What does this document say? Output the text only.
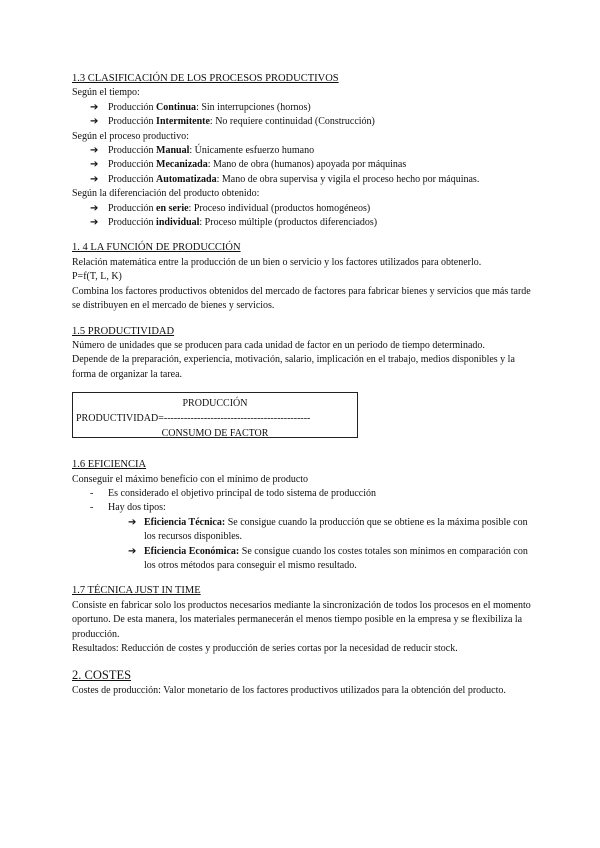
1.3 CLASIFICACIÓN DE LOS PROCESOS PRODUCTIVOS

Según el tiempo:

➔ Producción Continua: Sin interrupciones (hornos)

➔ Producción Intermitente: No requiere continuidad (Construcción)

Según el proceso productivo:

➔ Producción Manual: Únicamente esfuerzo humano

➔ Producción Mecanizada: Mano de obra (humanos) apoyada por máquinas

➔ Producción Automatizada: Mano de obra supervisa y vigila el proceso hecho por máquinas.

Según la diferenciación del producto obtenido:

➔ Producción en serie: Proceso individual (productos homogéneos)

➔ Producción individual: Proceso múltiple (productos diferenciados)

1. 4 LA FUNCIÓN DE PRODUCCIÓN

Relación matemática entre la producción de un bien o servicio y los factores utilizados para obtenerlo.

P=f(T, L, K)

Combina los factores productivos obtenidos del mercado de factores para fabricar bienes y servicios que más tarde se distribuyen en el mercado de bienes y servicios.

1.5 PRODUCTIVIDAD

Número de unidades que se producen para cada unidad de factor en un periodo de tiempo determinado.

Depende de la preparación, experiencia, motivación, salario, implicación en el trabajo, medios disponibles y la forma de organizar la tarea.

PRODUCCIÓN
PRODUCTIVIDAD=--------------------------------------------
CONSUMO DE FACTOR

1.6 EFICIENCIA

Conseguir el máximo beneficio con el mínimo de producto

- Es considerado el objetivo principal de todo sistema de producción

- Hay dos tipos:

➔ Eficiencia Técnica: Se consigue cuando la producción que se obtiene es la máxima posible con los recursos disponibles.

➔ Eficiencia Económica: Se consigue cuando los costes totales son mínimos en comparación con los otros métodos para conseguir el mismo resultado.

1.7 TÉCNICA JUST IN TIME

Consiste en fabricar solo los productos necesarios mediante la sincronización de todos los procesos en el momento oportuno. De esta manera, los materiales permanecerán el menos tiempo posible en la empresa y se flexibiliza la producción.

Resultados: Reducción de costes y producción de series cortas por la necesidad de reducir stock.

2. COSTES

Costes de producción: Valor monetario de los factores productivos utilizados para la obtención del producto.
